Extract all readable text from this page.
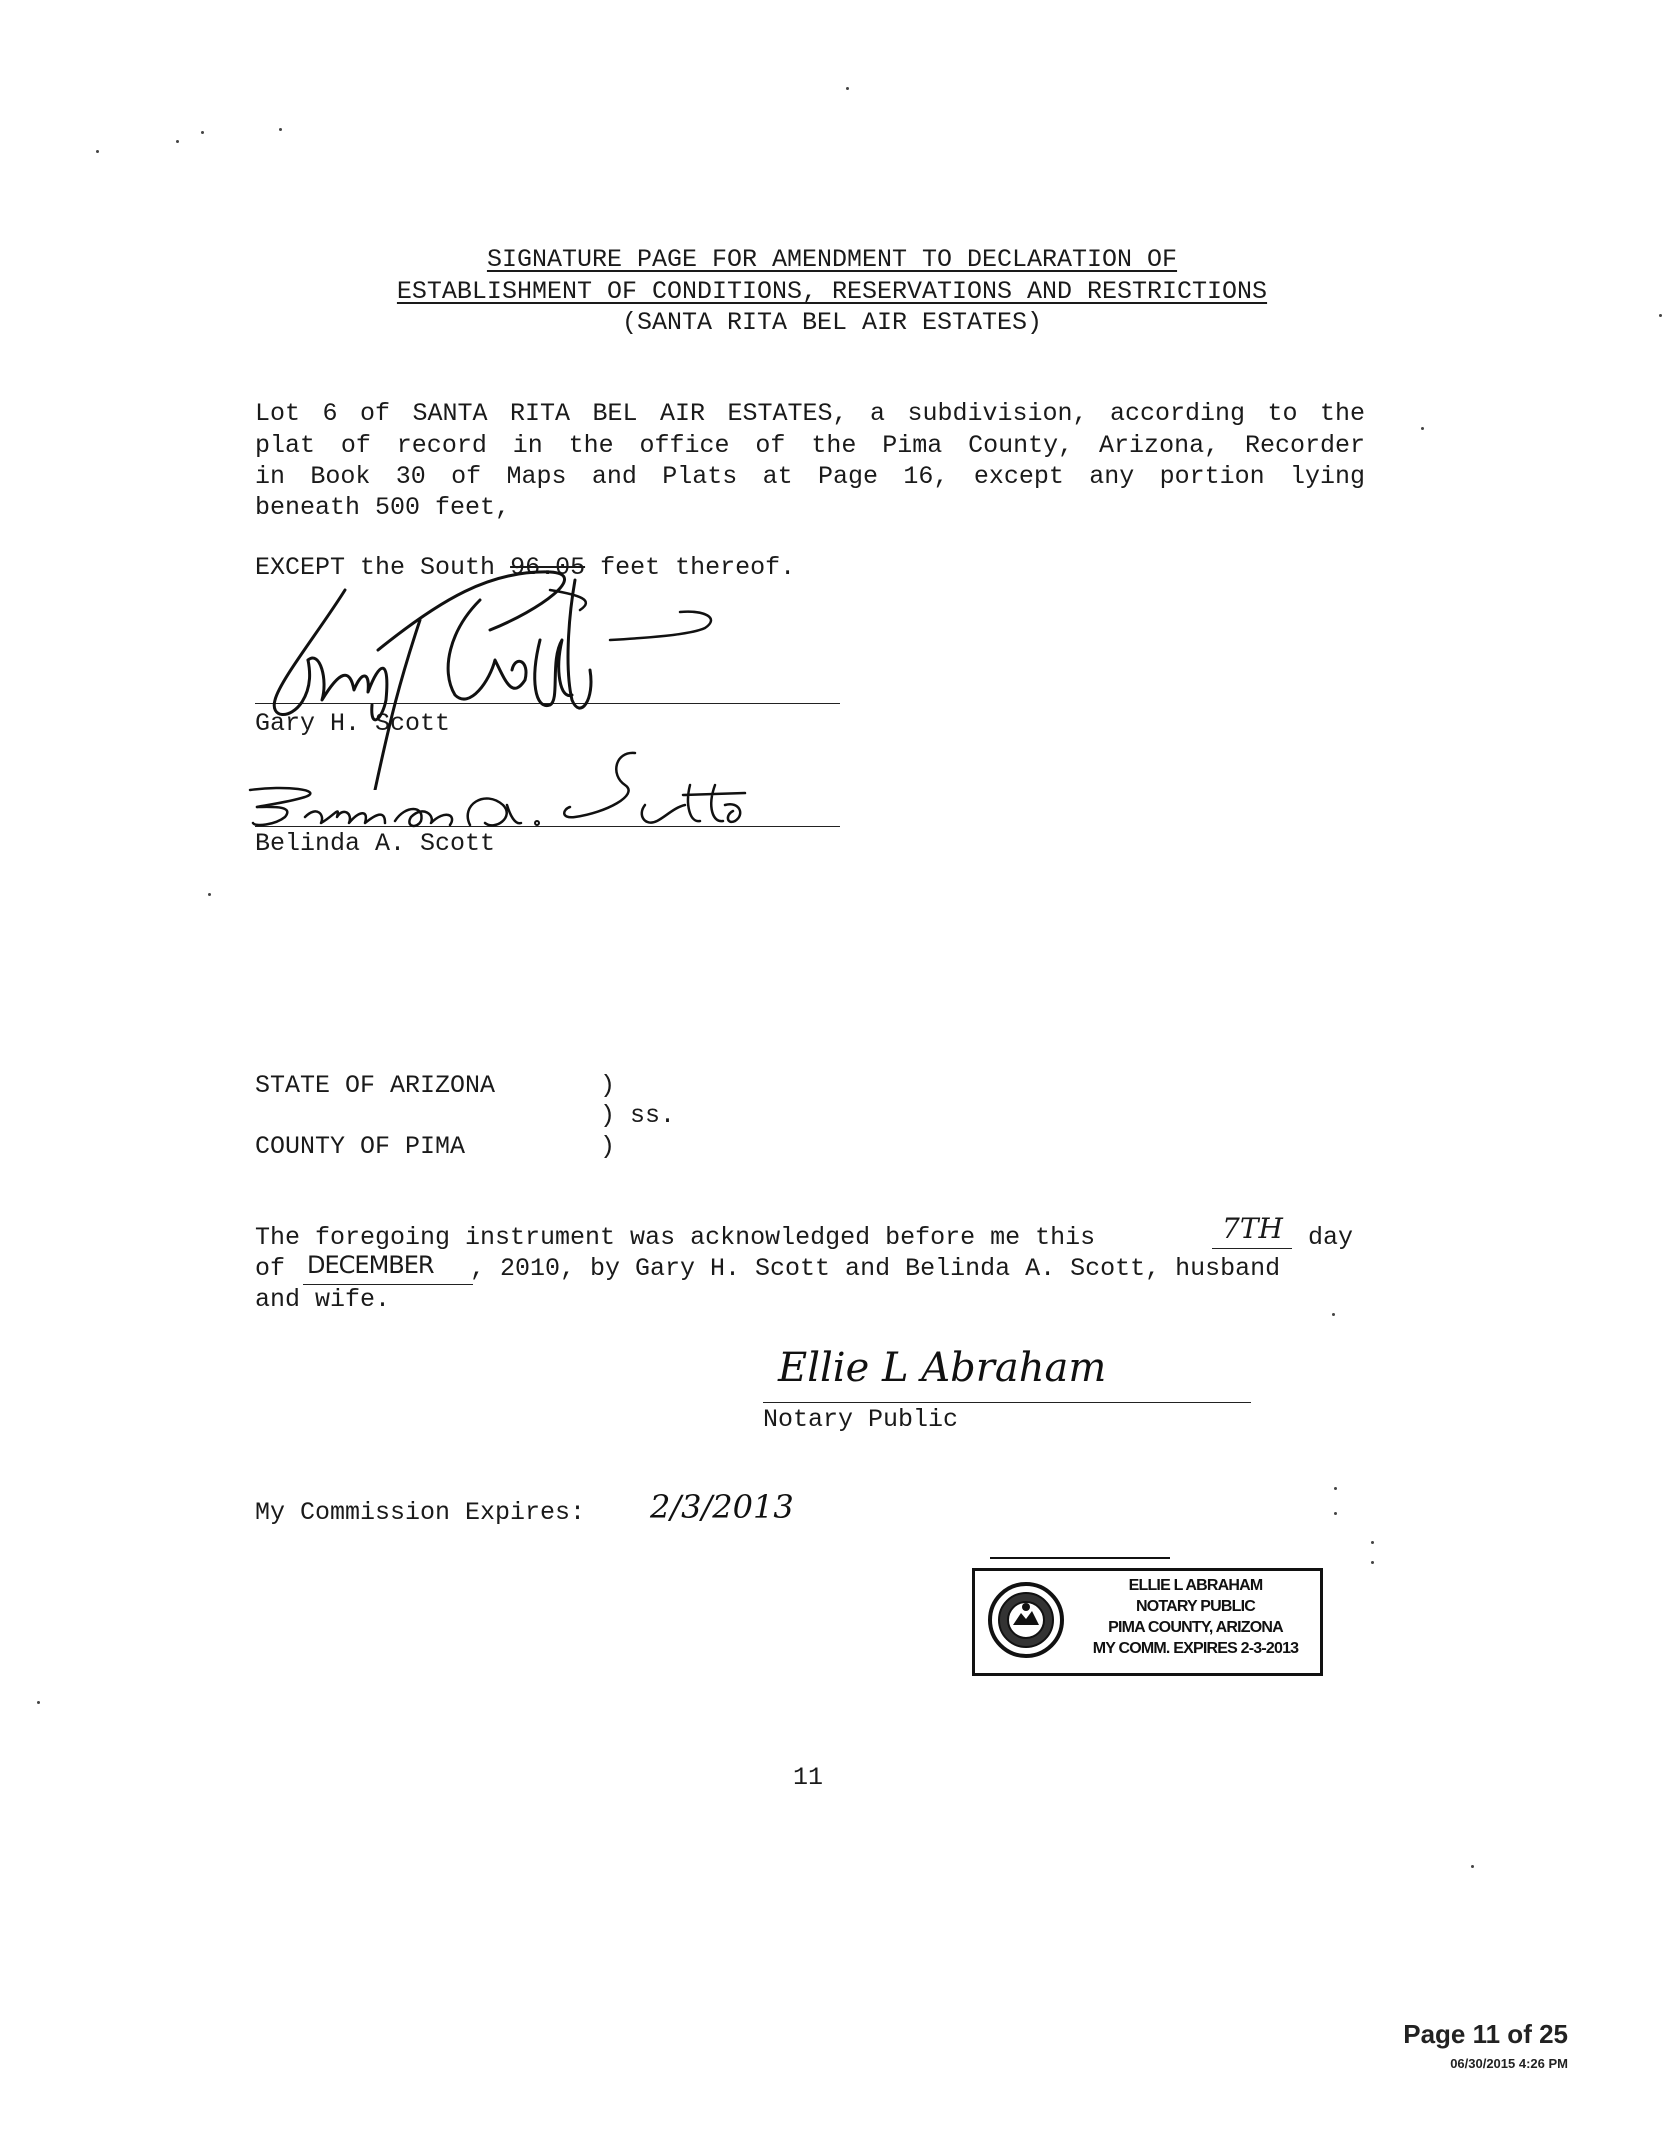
SIGNATURE PAGE FOR AMENDMENT TO DECLARATION OF
ESTABLISHMENT OF CONDITIONS, RESERVATIONS AND RESTRICTIONS
(SANTA RITA BEL AIR ESTATES)
Lot 6 of SANTA RITA BEL AIR ESTATES, a subdivision, according to the
plat of record in the office of the Pima County, Arizona, Recorder
in Book 30 of Maps and Plats at Page 16, except any portion lying
beneath 500 feet,
EXCEPT the South 96.05 feet thereof.
Gary H. Scott
Belinda A. Scott
STATE OF ARIZONA	)
) ss.
COUNTY OF PIMA	)
The foregoing instrument was acknowledged before me this	7TH day
of DECEMBER , 2010, by Gary H. Scott and Belinda A. Scott, husband
and wife.
Ellie L Abraham
Notary Public
My Commission Expires: 2/3/2013
ELLIE L ABRAHAM
NOTARY PUBLIC
PIMA COUNTY, ARIZONA
MY COMM. EXPIRES 2-3-2013
11
Page 11 of 25
06/30/2015 4:26 PM
